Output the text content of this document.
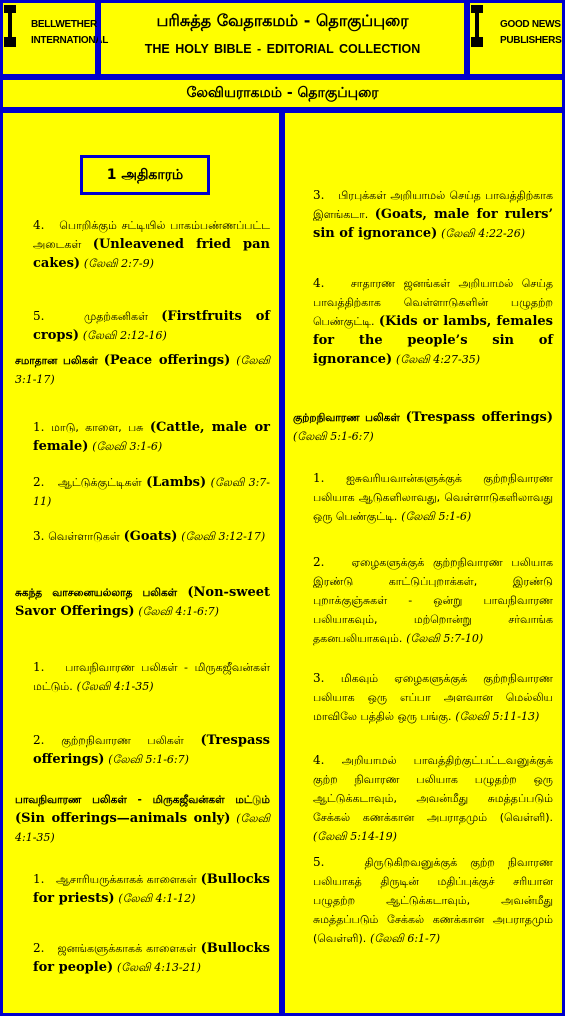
BELLWETHER
INTERNATIONAL
பரிசுத்த வேதாகமம் - தொகுப்புரை
THE HOLY BIBLE - EDITORIAL COLLECTION
GOOD NEWS
PUBLISHERS
லேவியராகமம் - தொகுப்புரை
1 அதிகாரம்
4. பொறிக்கும் சட்டியில் பாகம்பண்ணப்பட்ட அடைகள் (Unleavened fried pan cakes) (லேவி 2:7-9)
5.	முதற்கனிகள் (Firstfruits of crops) (லேவி 2:12-16)
சமாதான பலிகள் (Peace offerings) (லேவி 3:1-17)
1. மாடு, காளை, பசு (Cattle, male or female) (லேவி 3:1-6)
2. ஆட்டுக்குட்டிகள் (Lambs) (லேவி 3:7-11)
3. வெள்ளாடுகள் (Goats) (லேவி 3:12-17)
சுகந்த வாசனையல்லாத பலிகள் (Non-sweet Savor Offerings) (லேவி 4:1-6:7)
1. பாவநிவாரண பலிகள் - மிருகஜீவன்கள் மட்டும். (லேவி 4:1-35)
2. குற்றநிவாரண பலிகள் (Trespass offerings) (லேவி 5:1-6:7)
பாவநிவாரண பலிகள் - மிருகஜீவன்கள் மட்டும் (Sin offerings—animals only) (லேவி 4:1-35)
1. ஆசாரியருக்காகக் காளைகள் (Bullocks for priests) (லேவி 4:1-12)
2. ஜனங்களுக்காகக் காளைகள் (Bullocks for people) (லேவி 4:13-21)
3. பிரபுக்கள் அறியாமல் செய்த பாவத்திற்காக இளங்கடா. (Goats, male for rulers’ sin of ignorance) (லேவி 4:22-26)
4. சாதாரண ஜனங்கள் அறியாமல் செய்த பாவத்திற்காக வெள்ளாடுகளின் பழுதற்ற பெண்குட்டி. (Kids or lambs, females for the people’s sin of ignorance) (லேவி 4:27-35)
குற்றநிவாரண பலிகள் (Trespass offerings) (லேவி 5:1-6:7)
1. ஐசுவரியவான்களுக்குக் குற்றநிவாரண பலியாக ஆடுகளிலாவது, வெள்ளாடுகளிலாவது ஒரு பெண்குட்டி. (லேவி 5:1-6)
2. ஏழைகளுக்குக் குற்றநிவாரண பலியாக இரண்டு காட்டுப்புறாக்கள், இரண்டு புறாக்குஞ்சுகள் - ஒன்று பாவநிவாரண பலியாகவும், மற்றொன்று சர்வாங்க தகனபலியாகவும். (லேவி 5:7-10)
3. மிகவும் ஏழைகளுக்குக் குற்றநிவாரண பலியாக ஒரு எப்பா அளவான மெல்லிய மாவிலே பத்தில் ஒரு பங்கு. (லேவி 5:11-13)
4. அறியாமல் பாவத்திற்குட்பட்டவனுக்குக் குற்ற நிவாரண பலியாக பழுதற்ற ஒரு ஆட்டுக்கடாவும், அவன்மீது சுமத்தப்படும் சேக்கல் கணக்கான அபராதமும் (வெள்ளி). (லேவி 5:14-19)
5.	திருடுகிறவனுக்குக் குற்ற நிவாரண பலியாகத் திருடின் மதிப்புக்குச் சரியான பழுதற்ற ஆட்டுக்கடாவும், அவன்மீது சுமத்தப்படும் சேக்கல் கணக்கான அபராதமும் (வெள்ளி). (லேவி 6:1-7)
